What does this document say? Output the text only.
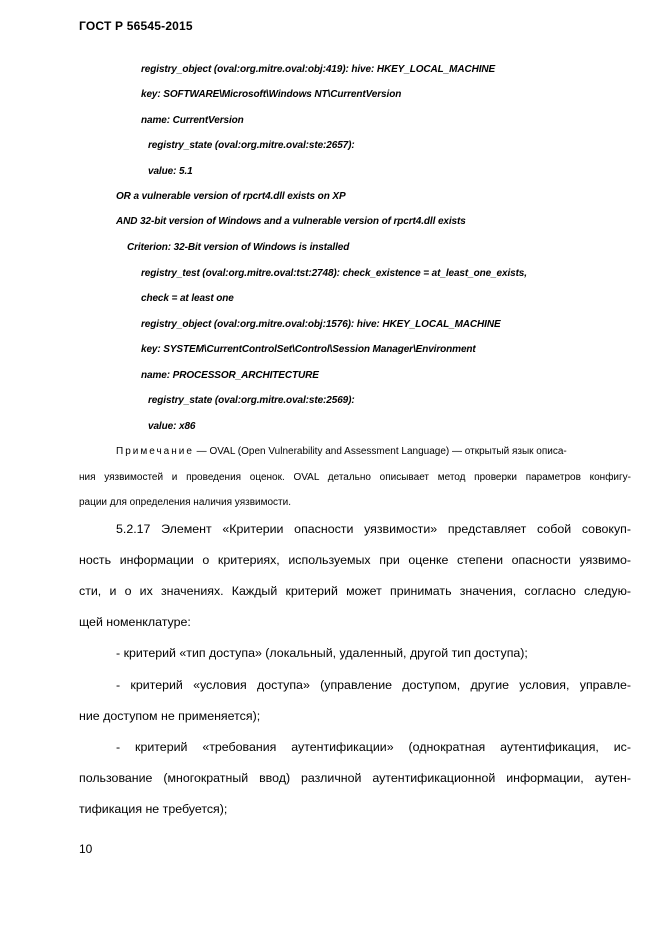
ГОСТ Р 56545-2015
registry_object (oval:org.mitre.oval:obj:419): hive: HKEY_LOCAL_MACHINE
key: SOFTWARE\Microsoft\Windows NT\CurrentVersion
name: CurrentVersion
registry_state (oval:org.mitre.oval:ste:2657):
value: 5.1
OR a vulnerable version of rpcrt4.dll exists on XP
AND 32-bit version of Windows and a vulnerable version of rpcrt4.dll exists
Criterion: 32-Bit version of Windows is installed
registry_test (oval:org.mitre.oval:tst:2748): check_existence = at_least_one_exists,
check = at least one
registry_object (oval:org.mitre.oval:obj:1576): hive: HKEY_LOCAL_MACHINE
key: SYSTEM\CurrentControlSet\Control\Session Manager\Environment
name: PROCESSOR_ARCHITECTURE
registry_state (oval:org.mitre.oval:ste:2569):
value: x86
Примечание — OVAL (Open Vulnerability and Assessment Language) — открытый язык описа-
ния уязвимостей и проведения оценок. OVAL детально описывает метод проверки параметров конфигу-
рации для определения наличия уязвимости.
5.2.17 Элемент «Критерии опасности уязвимости» представляет собой совокуп-
ность информации о критериях, используемых при оценке степени опасности уязвимо-
сти, и о их значениях. Каждый критерий может принимать значения, согласно следую-
щей номенклатуре:
- критерий «тип доступа» (локальный, удаленный, другой тип доступа);
- критерий «условия доступа» (управление доступом, другие условия, управле-
ние доступом не применяется);
- критерий «требования аутентификации» (однократная аутентификация, ис-
пользование (многократный ввод) различной аутентификационной информации, аутен-
тификация не требуется);
10
